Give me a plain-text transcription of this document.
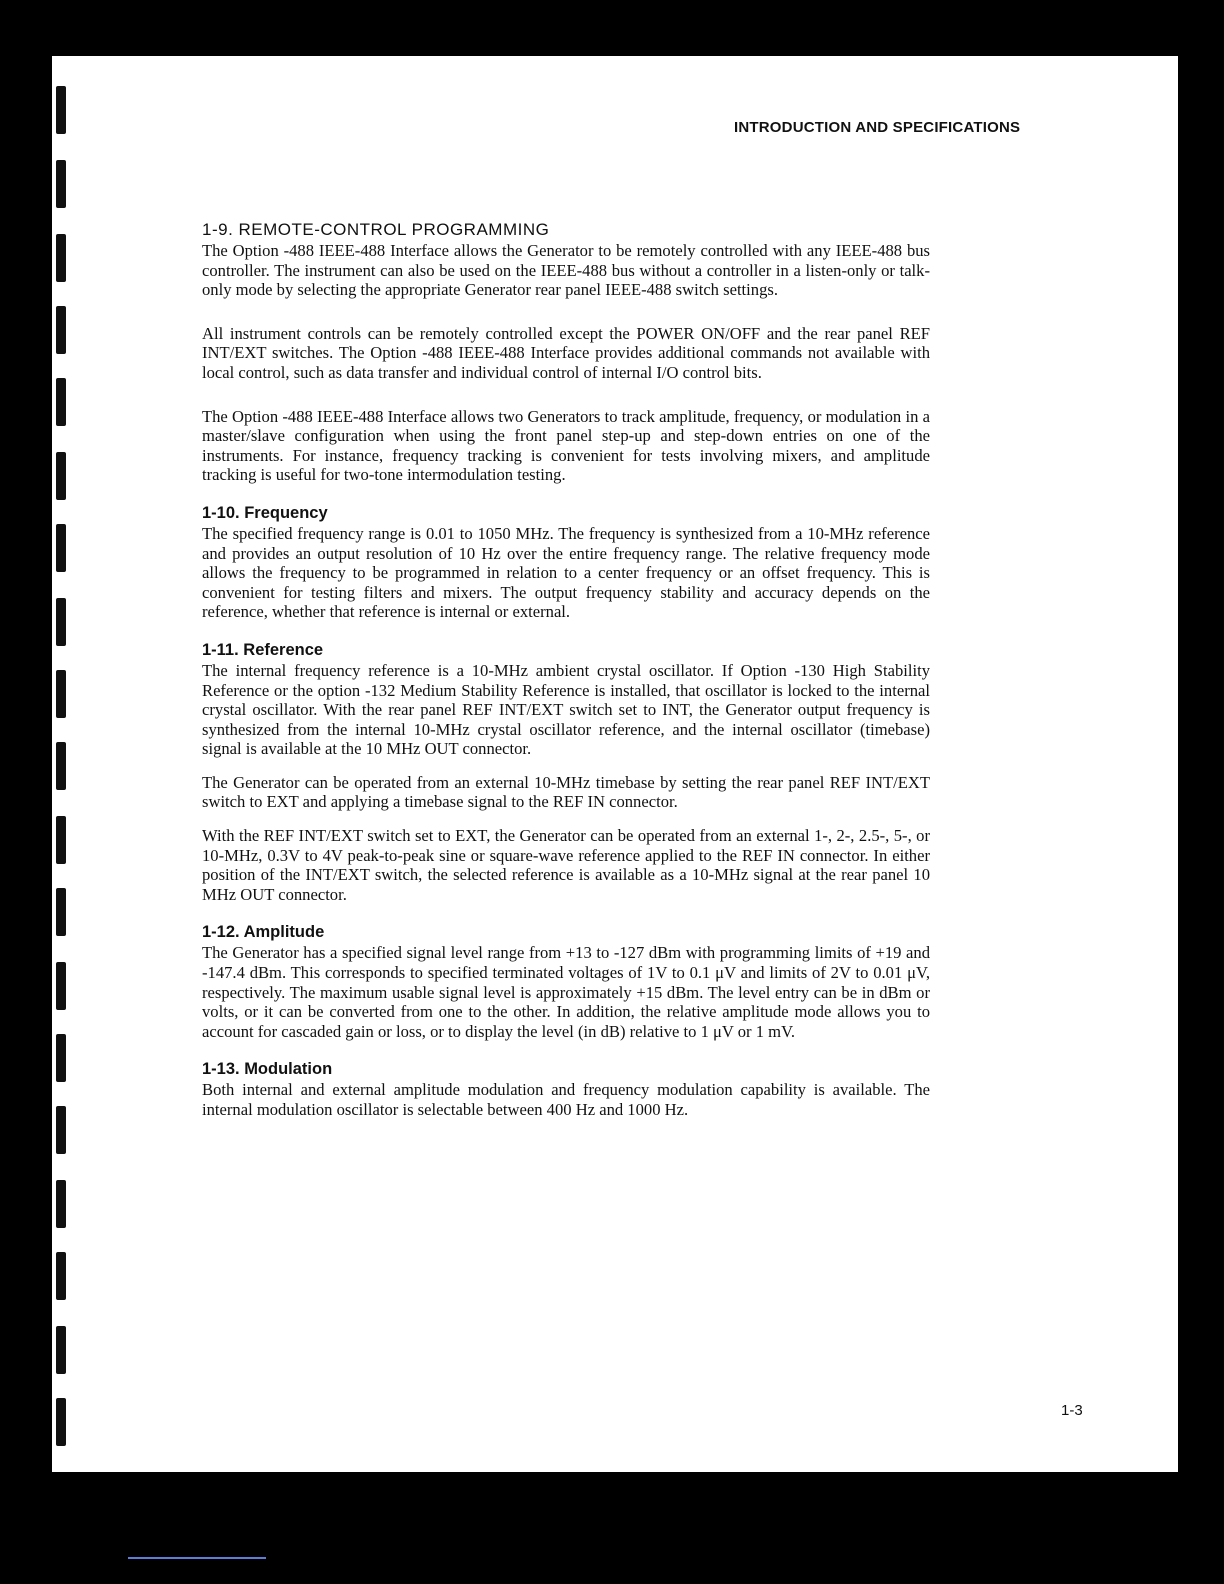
INTRODUCTION AND SPECIFICATIONS
1-9. REMOTE-CONTROL PROGRAMMING

The Option -488 IEEE-488 Interface allows the Generator to be remotely controlled with any IEEE-488 bus controller. The instrument can also be used on the IEEE-488 bus without a controller in a listen-only or talk-only mode by selecting the appropriate Generator rear panel IEEE-488 switch settings.

All instrument controls can be remotely controlled except the POWER ON/OFF and the rear panel REF INT/EXT switches. The Option -488 IEEE-488 Interface provides additional commands not available with local control, such as data transfer and individual control of internal I/O control bits.

The Option -488 IEEE-488 Interface allows two Generators to track amplitude, frequency, or modulation in a master/slave configuration when using the front panel step-up and step-down entries on one of the instruments. For instance, frequency tracking is convenient for tests involving mixers, and amplitude tracking is useful for two-tone intermodulation testing.

1-10. Frequency

The specified frequency range is 0.01 to 1050 MHz. The frequency is synthesized from a 10-MHz reference and provides an output resolution of 10 Hz over the entire frequency range. The relative frequency mode allows the frequency to be programmed in relation to a center frequency or an offset frequency. This is convenient for testing filters and mixers. The output frequency stability and accuracy depends on the reference, whether that reference is internal or external.

1-11. Reference

The internal frequency reference is a 10-MHz ambient crystal oscillator. If Option -130 High Stability Reference or the option -132 Medium Stability Reference is installed, that oscillator is locked to the internal crystal oscillator. With the rear panel REF INT/EXT switch set to INT, the Generator output frequency is synthesized from the internal 10-MHz crystal oscillator reference, and the internal oscillator (timebase) signal is available at the 10 MHz OUT connector.

The Generator can be operated from an external 10-MHz timebase by setting the rear panel REF INT/EXT switch to EXT and applying a timebase signal to the REF IN connector.

With the REF INT/EXT switch set to EXT, the Generator can be operated from an external 1-, 2-, 2.5-, 5-, or 10-MHz, 0.3V to 4V peak-to-peak sine or square-wave reference applied to the REF IN connector. In either position of the INT/EXT switch, the selected reference is available as a 10-MHz signal at the rear panel 10 MHz OUT connector.

1-12. Amplitude

The Generator has a specified signal level range from +13 to -127 dBm with programming limits of +19 and -147.4 dBm. This corresponds to specified terminated voltages of 1V to 0.1 μV and limits of 2V to 0.01 μV, respectively. The maximum usable signal level is approximately +15 dBm. The level entry can be in dBm or volts, or it can be converted from one to the other. In addition, the relative amplitude mode allows you to account for cascaded gain or loss, or to display the level (in dB) relative to 1 μV or 1 mV.

1-13. Modulation

Both internal and external amplitude modulation and frequency modulation capability is available. The internal modulation oscillator is selectable between 400 Hz and 1000 Hz.

1-3
